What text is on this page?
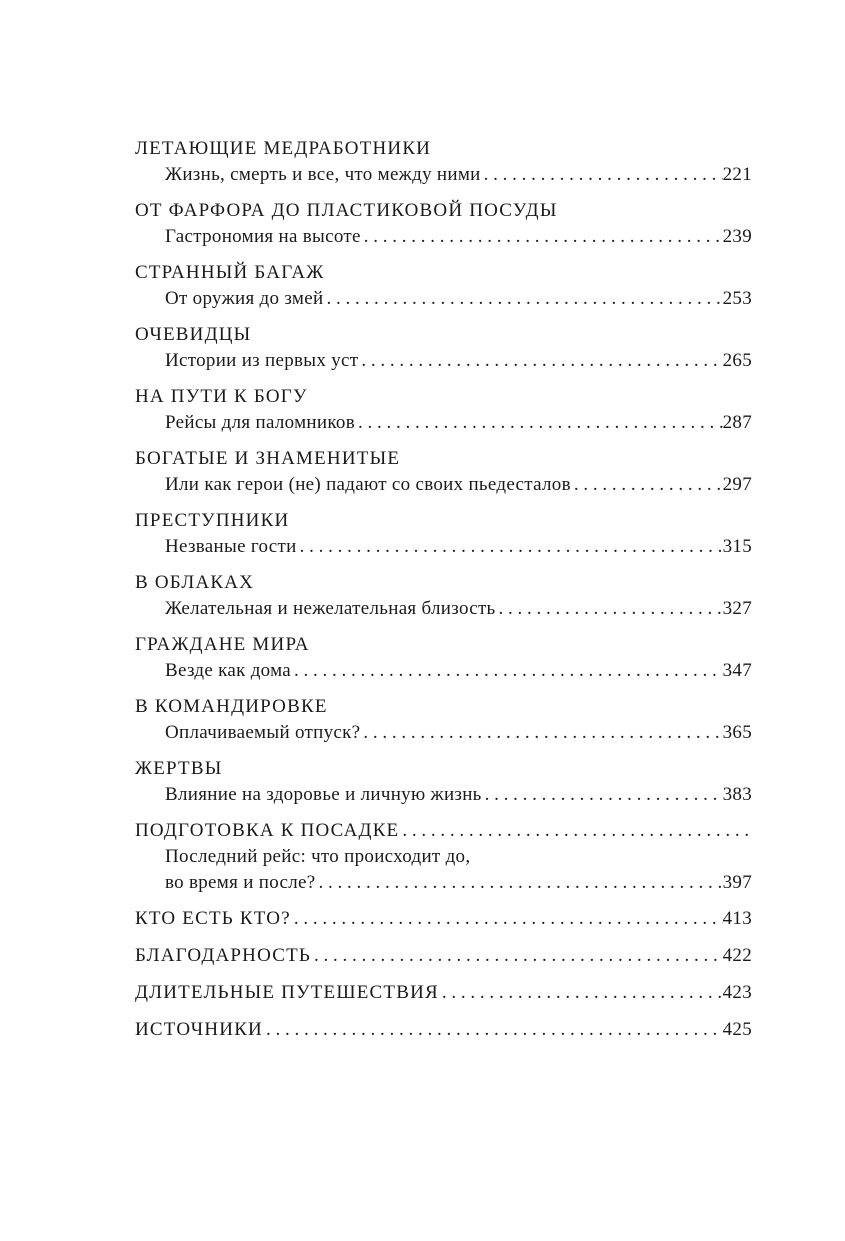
ЛЕТАЮЩИЕ МЕДРАБОТНИКИ
Жизнь, смерть и все, что между ними . . .	221
ОТ ФАРФОРА ДО ПЛАСТИКОВОЙ ПОСУДЫ
Гастрономия на высоте . . .	239
СТРАННЫЙ БАГАЖ
От оружия до змей . . .	253
ОЧЕВИДЦЫ
Истории из первых уст . . .	265
НА ПУТИ К БОГУ
Рейсы для паломников . . .	287
БОГАТЫЕ И ЗНАМЕНИТЫЕ
Или как герои (не) падают со своих пьедесталов . . .	297
ПРЕСТУПНИКИ
Незваные гости . . .	315
В ОБЛАКАХ
Желательная и нежелательная близость . . .	327
ГРАЖДАНЕ МИРА
Везде как дома . . .	347
В КОМАНДИРОВКЕ
Оплачиваемый отпуск? . . .	365
ЖЕРТВЫ
Влияние на здоровье и личную жизнь . . .	383
ПОДГОТОВКА К ПОСАДКЕ
. . .
Последний рейс: что происходит до,
во время и после? . . .	397
КТО ЕСТЬ КТО? . . .	413
БЛАГОДАРНОСТЬ . . .	422
ДЛИТЕЛЬНЫЕ ПУТЕШЕСТВИЯ . . .	423
ИСТОЧНИКИ . . .	425
